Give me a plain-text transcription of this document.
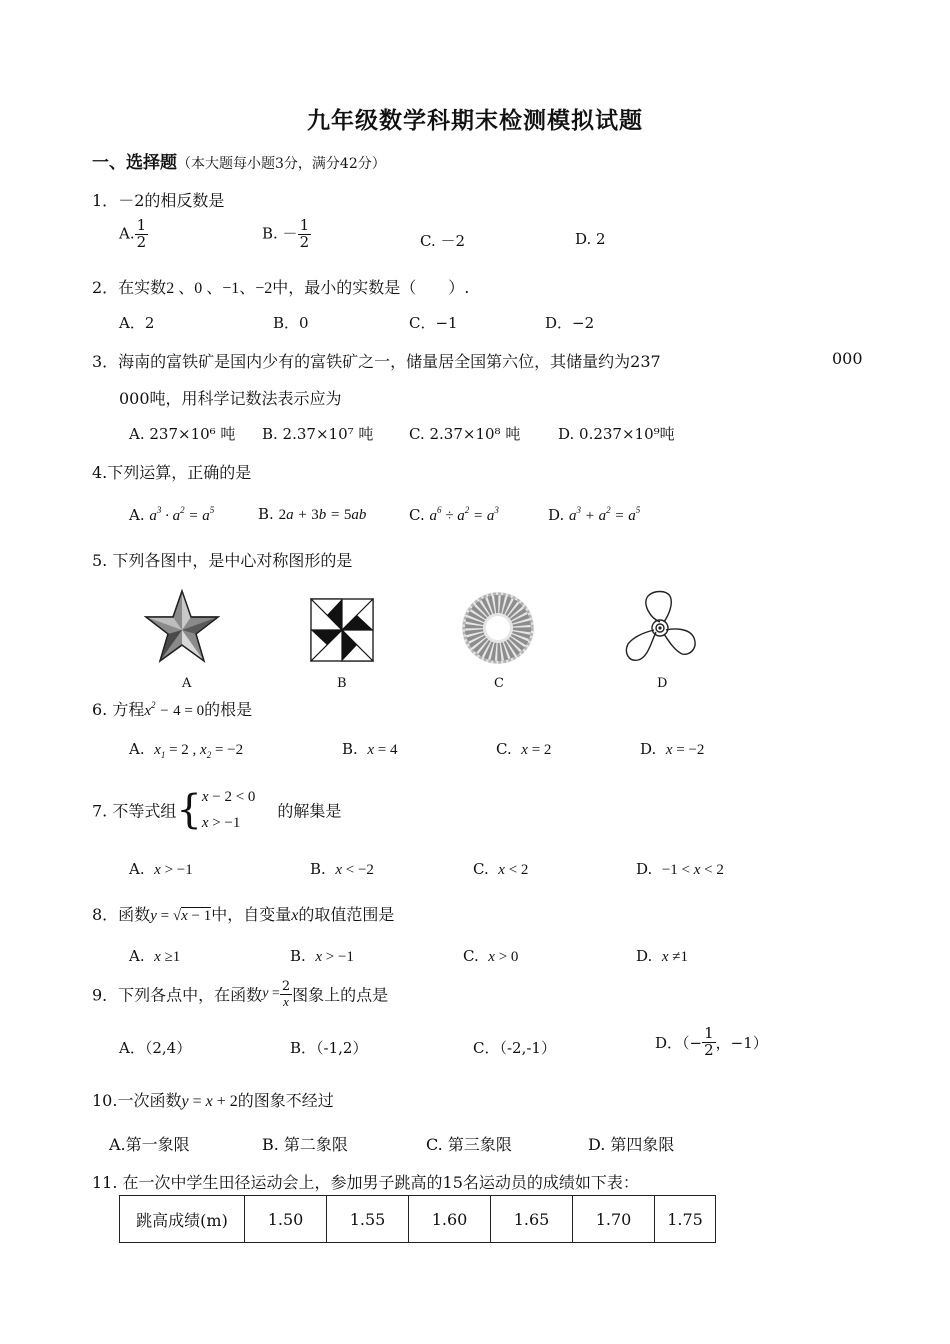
九年级数学科期末检测模拟试题
一、选择题（本大题每小题3分，满分42分）
1．－2的相反数是
A. $\frac{1}{2}$	B. － $\frac{1}{2}$	C. －2	D. 2
2．在实数2 、0 、−1、−2中，最小的实数是（　　）.
A．2	B．0	C．−1	D．−2
3．海南的富铁矿是国内少有的富铁矿之一，储量居全国第六位，其储量约为237	000
000吨，用科学记数法表示应为
A. 237×10⁶ 吨 B. 2.37×10⁷ 吨 C. 2.37×10⁸ 吨	D. 0.237×10⁹吨
4.下列运算，正确的是
A. $a^3 \cdot a^2 = a^5$	B. 2a + 3b = 5ab	C. $a^6 \div a^2 = a^3$	D. $a^3 + a^2 = a^5$
5. 下列各图中，是中心对称图形的是
A	B	C	D
6. 方程$x^2 - 4 = 0$的根是
A. $x_1 = 2$ , $x_2 = -2$	B. x = 4	C. x = 2	D. x = −2
7. 不等式组{ x − 2 < 0
x > −1
的解集是
A. x > −1	B. x < −2	C. x < 2	D. −1 < x < 2
8．函数y = √x − 1中，自变量x的取值范围是
A. x ≥1	B. x > −1	C. x > 0	D. x ≠1
9．下列各点中，在函数$y = \frac{2}{x}$ 图象上的点是
A．（2,4）	B．（-1,2）	C．（-2,-1）	D．（− $\frac{1}{2}$ ，−1）
10.一次函数y = x + 2的图象不经过
A.第一象限	B. 第二象限	C. 第三象限	D. 第四象限
11. 在一次中学生田径运动会上，参加男子跳高的15名运动员的成绩如下表：
跳高成绩(m)	1.50	1.55	1.60	1.65	1.70	1.75
